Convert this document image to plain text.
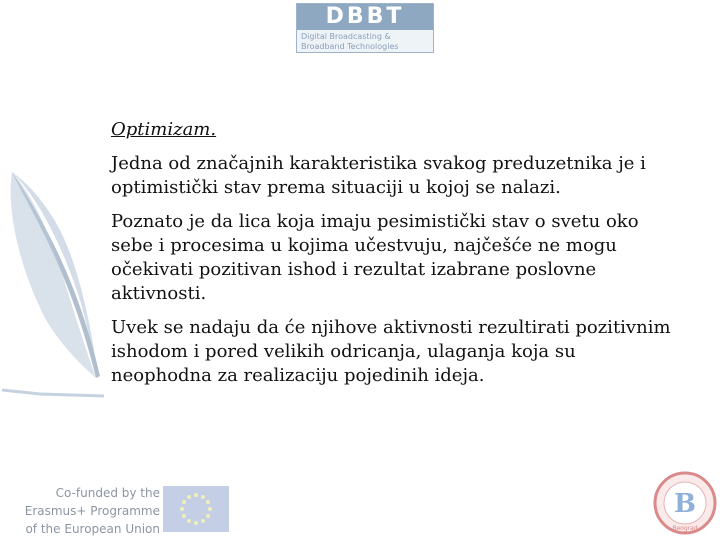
DBBT
Digital Broadcasting &
Broadband Technologies
Optimizam.

Jedna od značajnih karakteristika svakog preduzetnika je i optimistički stav prema situaciji u kojoj se nalazi.

Poznato je da lica koja imaju pesimistički stav o svetu oko sebe i procesima u kojima učestvuju, najčešće ne mogu očekivati pozitivan ishod i rezultat izabrane poslovne aktivnosti.

Uvek se nadaju da će njihove aktivnosti rezultirati pozitivnim ishodom i pored velikih odricanja, ulaganja koja su neophodna za realizaciju pojedinih ideja.

Co-funded by the
Erasmus+ Programme
of the European Union
B
Beograd
